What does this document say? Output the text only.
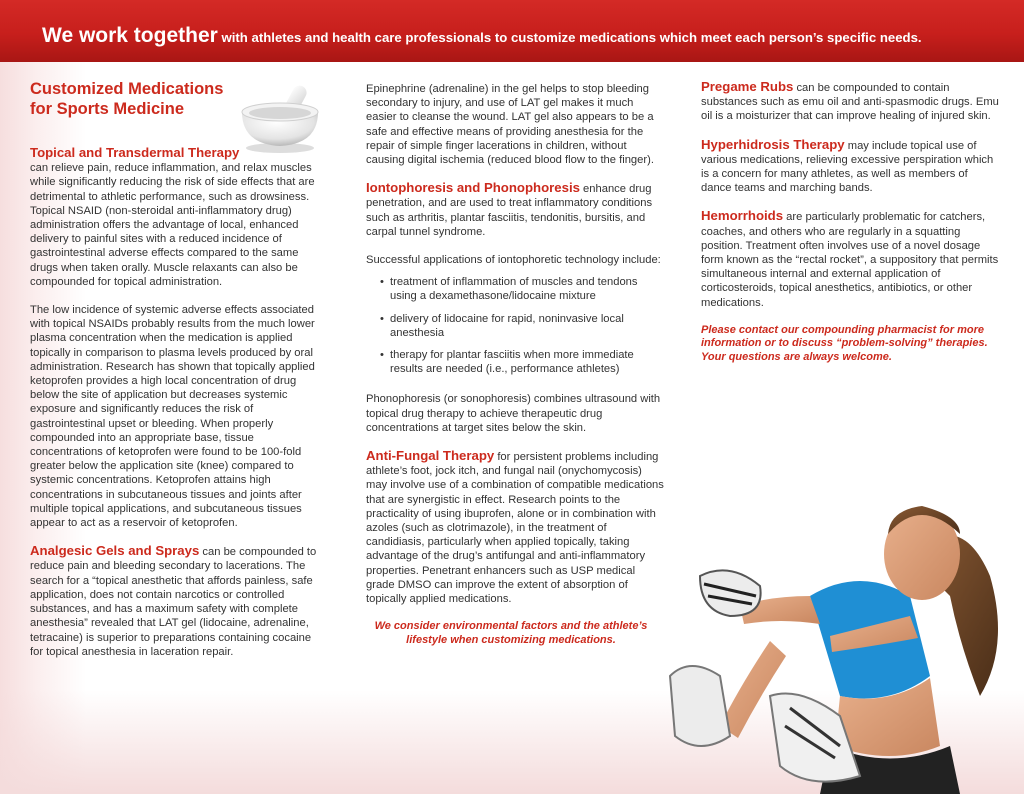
We work together with athletes and health care professionals to customize medications which meet each person’s specific needs.
Customized Medications for Sports Medicine

Topical and Transdermal Therapy
can relieve pain, reduce inflammation, and relax muscles while significantly reducing the risk of side effects that are detrimental to athletic performance, such as drowsiness. Topical NSAID (non-steroidal anti-inflammatory drug) administration offers the advantage of local, enhanced delivery to painful sites with a reduced incidence of gastrointestinal adverse effects compared to the same drugs when taken orally. Muscle relaxants can also be compounded for topical administration.

The low incidence of systemic adverse effects associated with topical NSAIDs probably results from the much lower plasma concentration when the medication is applied topically in comparison to plasma levels produced by oral administration. Research has shown that topically applied ketoprofen provides a high local concentration of drug below the site of application but decreases systemic exposure and significantly reduces the risk of gastrointestinal upset or bleeding. When properly compounded into an appropriate base, tissue concentrations of ketoprofen were found to be 100-fold greater below the application site (knee) compared to systemic concentrations. Ketoprofen attains high concentrations in subcutaneous tissues and joints after multiple topical applications, and subcutaneous tissues appear to act as a reservoir of ketoprofen.

Analgesic Gels and Sprays can be compounded to reduce pain and bleeding secondary to lacerations. The search for a “topical anesthetic that affords painless, safe application, does not contain narcotics or controlled substances, and has a maximum safety with complete anesthesia” revealed that LAT gel (lidocaine, adrenaline, tetracaine) is superior to preparations containing cocaine for topical anesthesia in laceration repair.

Epinephrine (adrenaline) in the gel helps to stop bleeding secondary to injury, and use of LAT gel makes it much easier to cleanse the wound. LAT gel also appears to be a safe and effective means of providing anesthesia for the repair of simple finger lacerations in children, without causing digital ischemia (reduced blood flow to the finger).

Iontophoresis and Phonophoresis enhance drug penetration, and are used to treat inflammatory conditions such as arthritis, plantar fasciitis, tendonitis, bursitis, and carpal tunnel syndrome.

Successful applications of iontophoretic technology include:

• treatment of inflammation of muscles and tendons using a dexamethasone/lidocaine mixture
• delivery of lidocaine for rapid, noninvasive local anesthesia
• therapy for plantar fasciitis when more immediate results are needed (i.e., performance athletes)

Phonophoresis (or sonophoresis) combines ultrasound with topical drug therapy to achieve therapeutic drug concentrations at target sites below the skin.

Anti-Fungal Therapy for persistent problems including athlete’s foot, jock itch, and fungal nail (onychomycosis) may involve use of a combination of compatible medications that are synergistic in effect. Research points to the practicality of using ibuprofen, alone or in combination with azoles (such as clotrimazole), in the treatment of candidiasis, particularly when applied topically, taking advantage of the drug’s antifungal and anti-inflammatory properties. Penetrant enhancers such as USP medical grade DMSO can improve the extent of absorption of topically applied medications.

We consider environmental factors and the athlete’s lifestyle when customizing medications.

Pregame Rubs can be compounded to contain substances such as emu oil and anti-spasmodic drugs. Emu oil is a moisturizer that can improve healing of injured skin.

Hyperhidrosis Therapy may include topical use of various medications, relieving excessive perspiration which is a concern for many athletes, as well as members of dance teams and marching bands.

Hemorrhoids are particularly problematic for catchers, coaches, and others who are regularly in a squatting position. Treatment often involves use of a novel dosage form known as the “rectal rocket”, a suppository that permits simultaneous internal and external application of corticosteroids, topical anesthetics, antibiotics, or other medications.

Please contact our compounding pharmacist for more information or to discuss “problem-solving” therapies. Your questions are always welcome.
